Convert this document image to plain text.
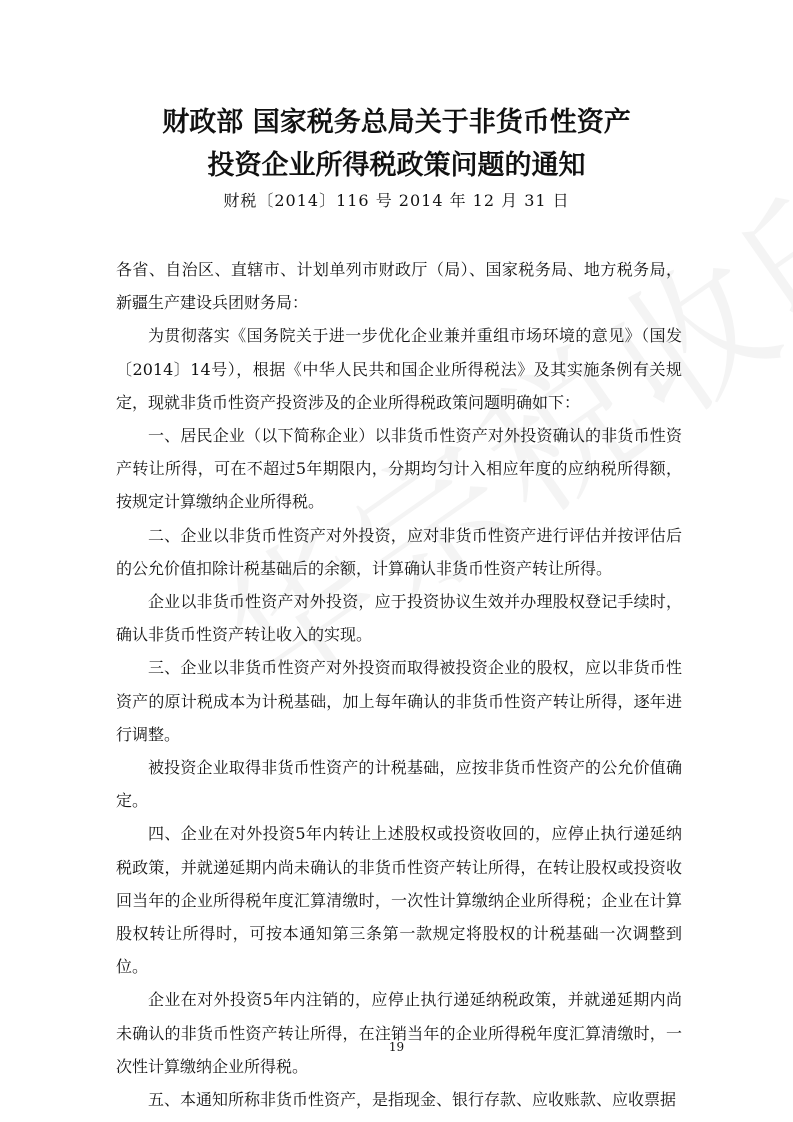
财政部 国家税务总局关于非货币性资产
投资企业所得税政策问题的通知

财税〔2014〕116 号 2014 年 12 月 31 日

各省、自治区、直辖市、计划单列市财政厅（局）、国家税务局、地方税务局，新疆生产建设兵团财务局：

为贯彻落实《国务院关于进一步优化企业兼并重组市场环境的意见》（国发〔2014〕14号），根据《中华人民共和国企业所得税法》及其实施条例有关规定，现就非货币性资产投资涉及的企业所得税政策问题明确如下：

一、居民企业（以下简称企业）以非货币性资产对外投资确认的非货币性资产转让所得，可在不超过5年期限内，分期均匀计入相应年度的应纳税所得额，按规定计算缴纳企业所得税。

二、企业以非货币性资产对外投资，应对非货币性资产进行评估并按评估后的公允价值扣除计税基础后的余额，计算确认非货币性资产转让所得。

企业以非货币性资产对外投资，应于投资协议生效并办理股权登记手续时，确认非货币性资产转让收入的实现。

三、企业以非货币性资产对外投资而取得被投资企业的股权，应以非货币性资产的原计税成本为计税基础，加上每年确认的非货币性资产转让所得，逐年进行调整。

被投资企业取得非货币性资产的计税基础，应按非货币性资产的公允价值确定。

四、企业在对外投资5年内转让上述股权或投资收回的，应停止执行递延纳税政策，并就递延期内尚未确认的非货币性资产转让所得，在转让股权或投资收回当年的企业所得税年度汇算清缴时，一次性计算缴纳企业所得税；企业在计算股权转让所得时，可按本通知第三条第一款规定将股权的计税基础一次调整到位。

企业在对外投资5年内注销的，应停止执行递延纳税政策，并就递延期内尚未确认的非货币性资产转让所得，在注销当年的企业所得税年度汇算清缴时，一次性计算缴纳企业所得税。

五、本通知所称非货币性资产，是指现金、银行存款、应收账款、应收票据

19
